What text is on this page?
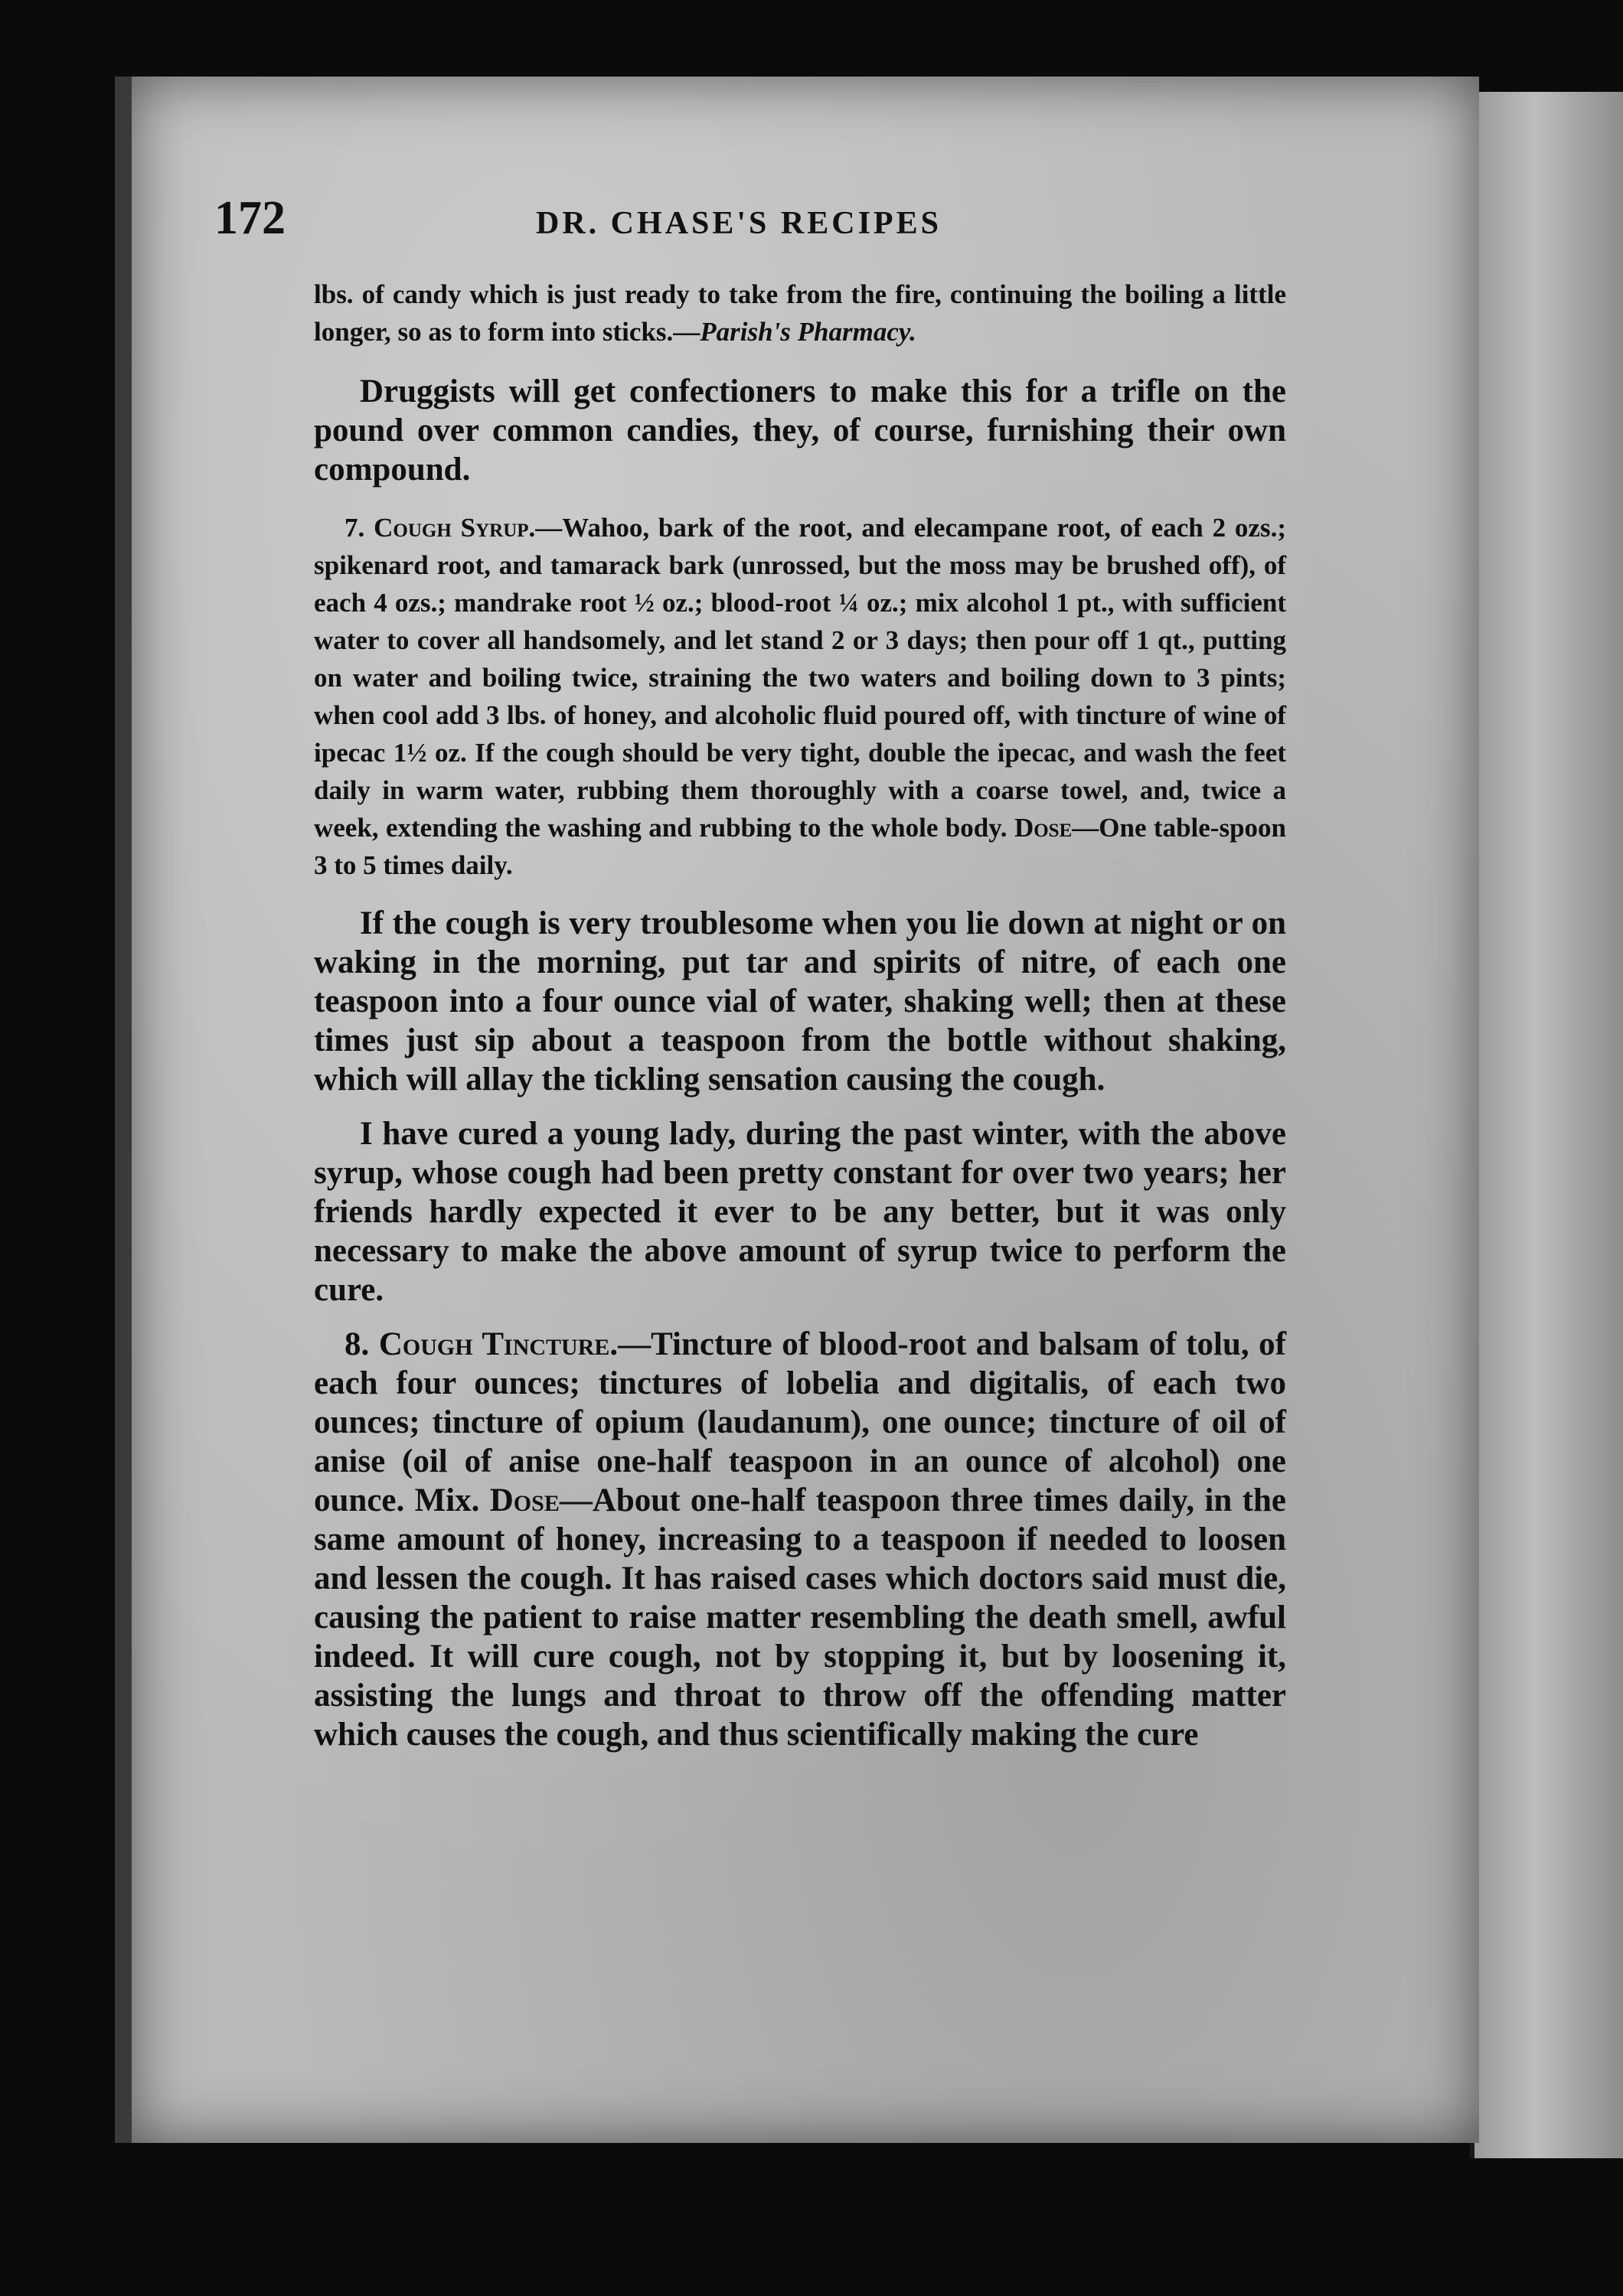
172	DR. CHASE'S RECIPES

lbs. of candy which is just ready to take from the fire, continuing the boiling a little longer, so as to form into sticks.—Parish's Pharmacy.

Druggists will get confectioners to make this for a trifle on the pound over common candies, they, of course, furnishing their own compound.

7. Cough Syrup.—Wahoo, bark of the root, and elecampane root, of each 2 ozs.; spikenard root, and tamarack bark (unrossed, but the moss may be brushed off), of each 4 ozs.; mandrake root ½ oz.; blood-root ¼ oz.; mix alcohol 1 pt., with sufficient water to cover all handsomely, and let stand 2 or 3 days; then pour off 1 qt., putting on water and boiling twice, straining the two waters and boiling down to 3 pints; when cool add 3 lbs. of honey, and alcoholic fluid poured off, with tincture of wine of ipecac 1½ oz. If the cough should be very tight, double the ipecac, and wash the feet daily in warm water, rubbing them thoroughly with a coarse towel, and, twice a week, extending the washing and rubbing to the whole body. Dose—One table-spoon 3 to 5 times daily.

If the cough is very troublesome when you lie down at night or on waking in the morning, put tar and spirits of nitre, of each one teaspoon into a four ounce vial of water, shaking well; then at these times just sip about a teaspoon from the bottle without shaking, which will allay the tickling sensation causing the cough.

I have cured a young lady, during the past winter, with the above syrup, whose cough had been pretty constant for over two years; her friends hardly expected it ever to be any better, but it was only necessary to make the above amount of syrup twice to perform the cure.

8. Cough Tincture.—Tincture of blood-root and balsam of tolu, of each four ounces; tinctures of lobelia and digitalis, of each two ounces; tincture of opium (laudanum), one ounce; tincture of oil of anise (oil of anise one-half teaspoon in an ounce of alcohol) one ounce. Mix. Dose—About one-half teaspoon three times daily, in the same amount of honey, increasing to a teaspoon if needed to loosen and lessen the cough. It has raised cases which doctors said must die, causing the patient to raise matter resembling the death smell, awful indeed. It will cure cough, not by stopping it, but by loosening it, assisting the lungs and throat to throw off the offending matter which causes the cough, and thus scientifically making the cure
